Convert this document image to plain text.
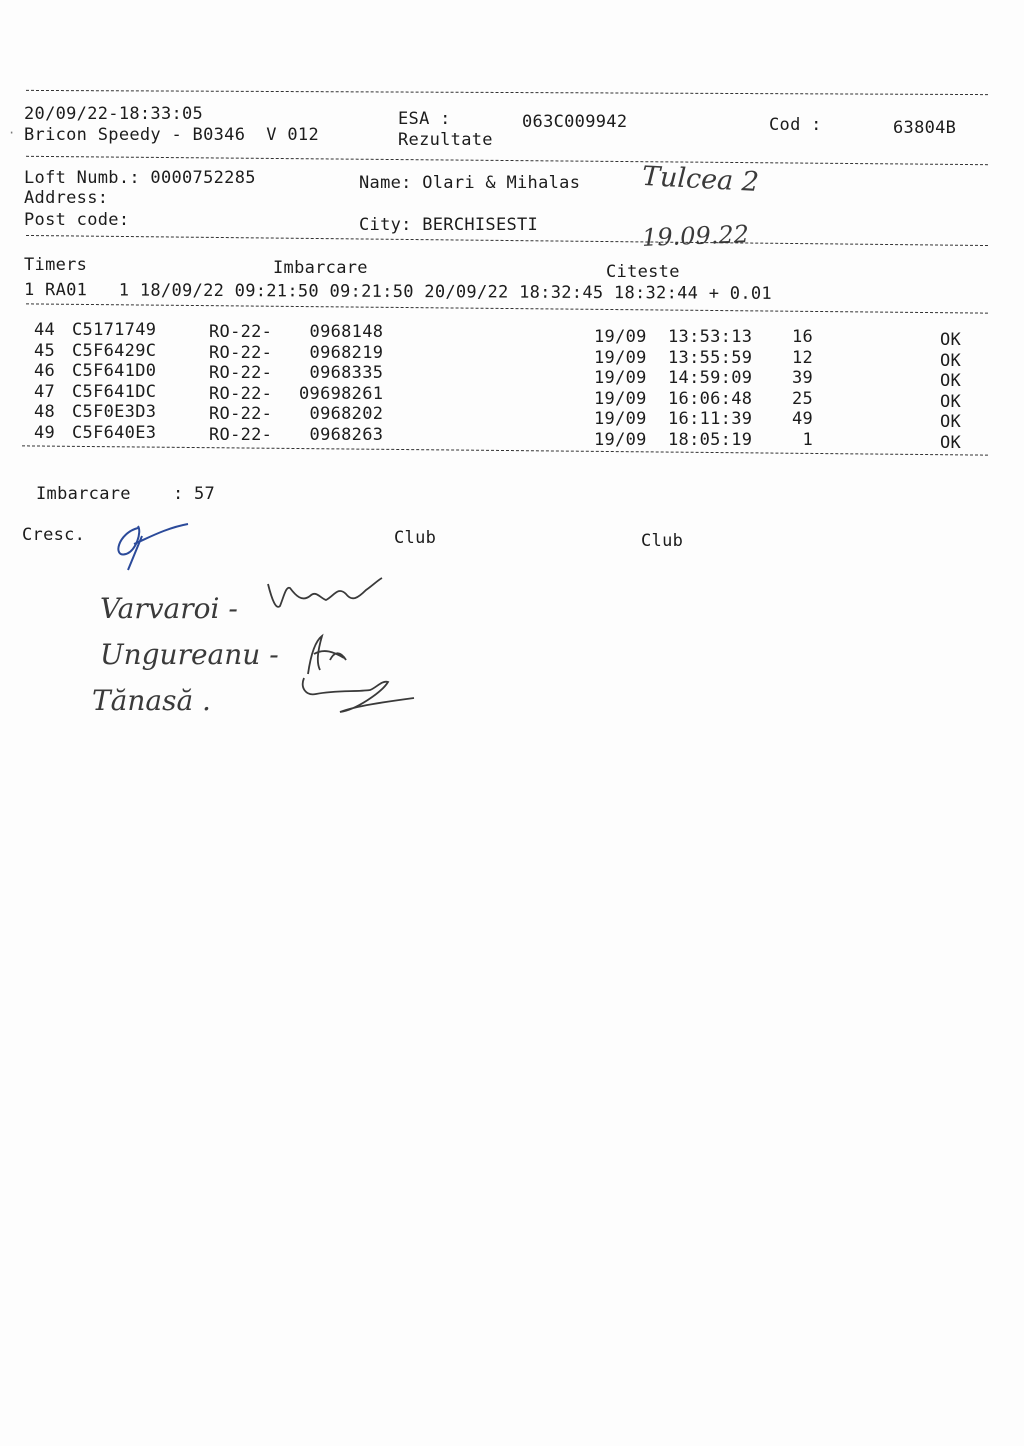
20/09/22-18:33:05	ESA :	063C009942	Cod :	63804B
· Bricon Speedy - B0346  V 012	Rezultate
Loft Numb.: 0000752285	Name: Olari & Mihalas Tulcea 2
Address:
Post code:	City: BERCHISESTI	19.09.22
Timers	Imbarcare	Citeste
1 RA01   1 18/09/22 09:21:50 09:21:50 20/09/22 18:32:45 18:32:44 + 0.01
44 C5171749	RO-22- 0968148	19/09 13:53:13 16	OK
45 C5F6429C	RO-22- 0968219	19/09 13:55:59 12	OK
46 C5F641D0	RO-22- 0968335	19/09 14:59:09 39	OK
47 C5F641DC	RO-22- 09698261	19/09 16:06:48 25	OK
48 C5F0E3D3	RO-22- 0968202	19/09 16:11:39 49	OK
49 C5F640E3	RO-22- 0968263	19/09 18:05:19 1	OK
Imbarcare    : 57
Cresc.	Club	Club
Varvaroi -
Ungureanu -
Tănasă .
